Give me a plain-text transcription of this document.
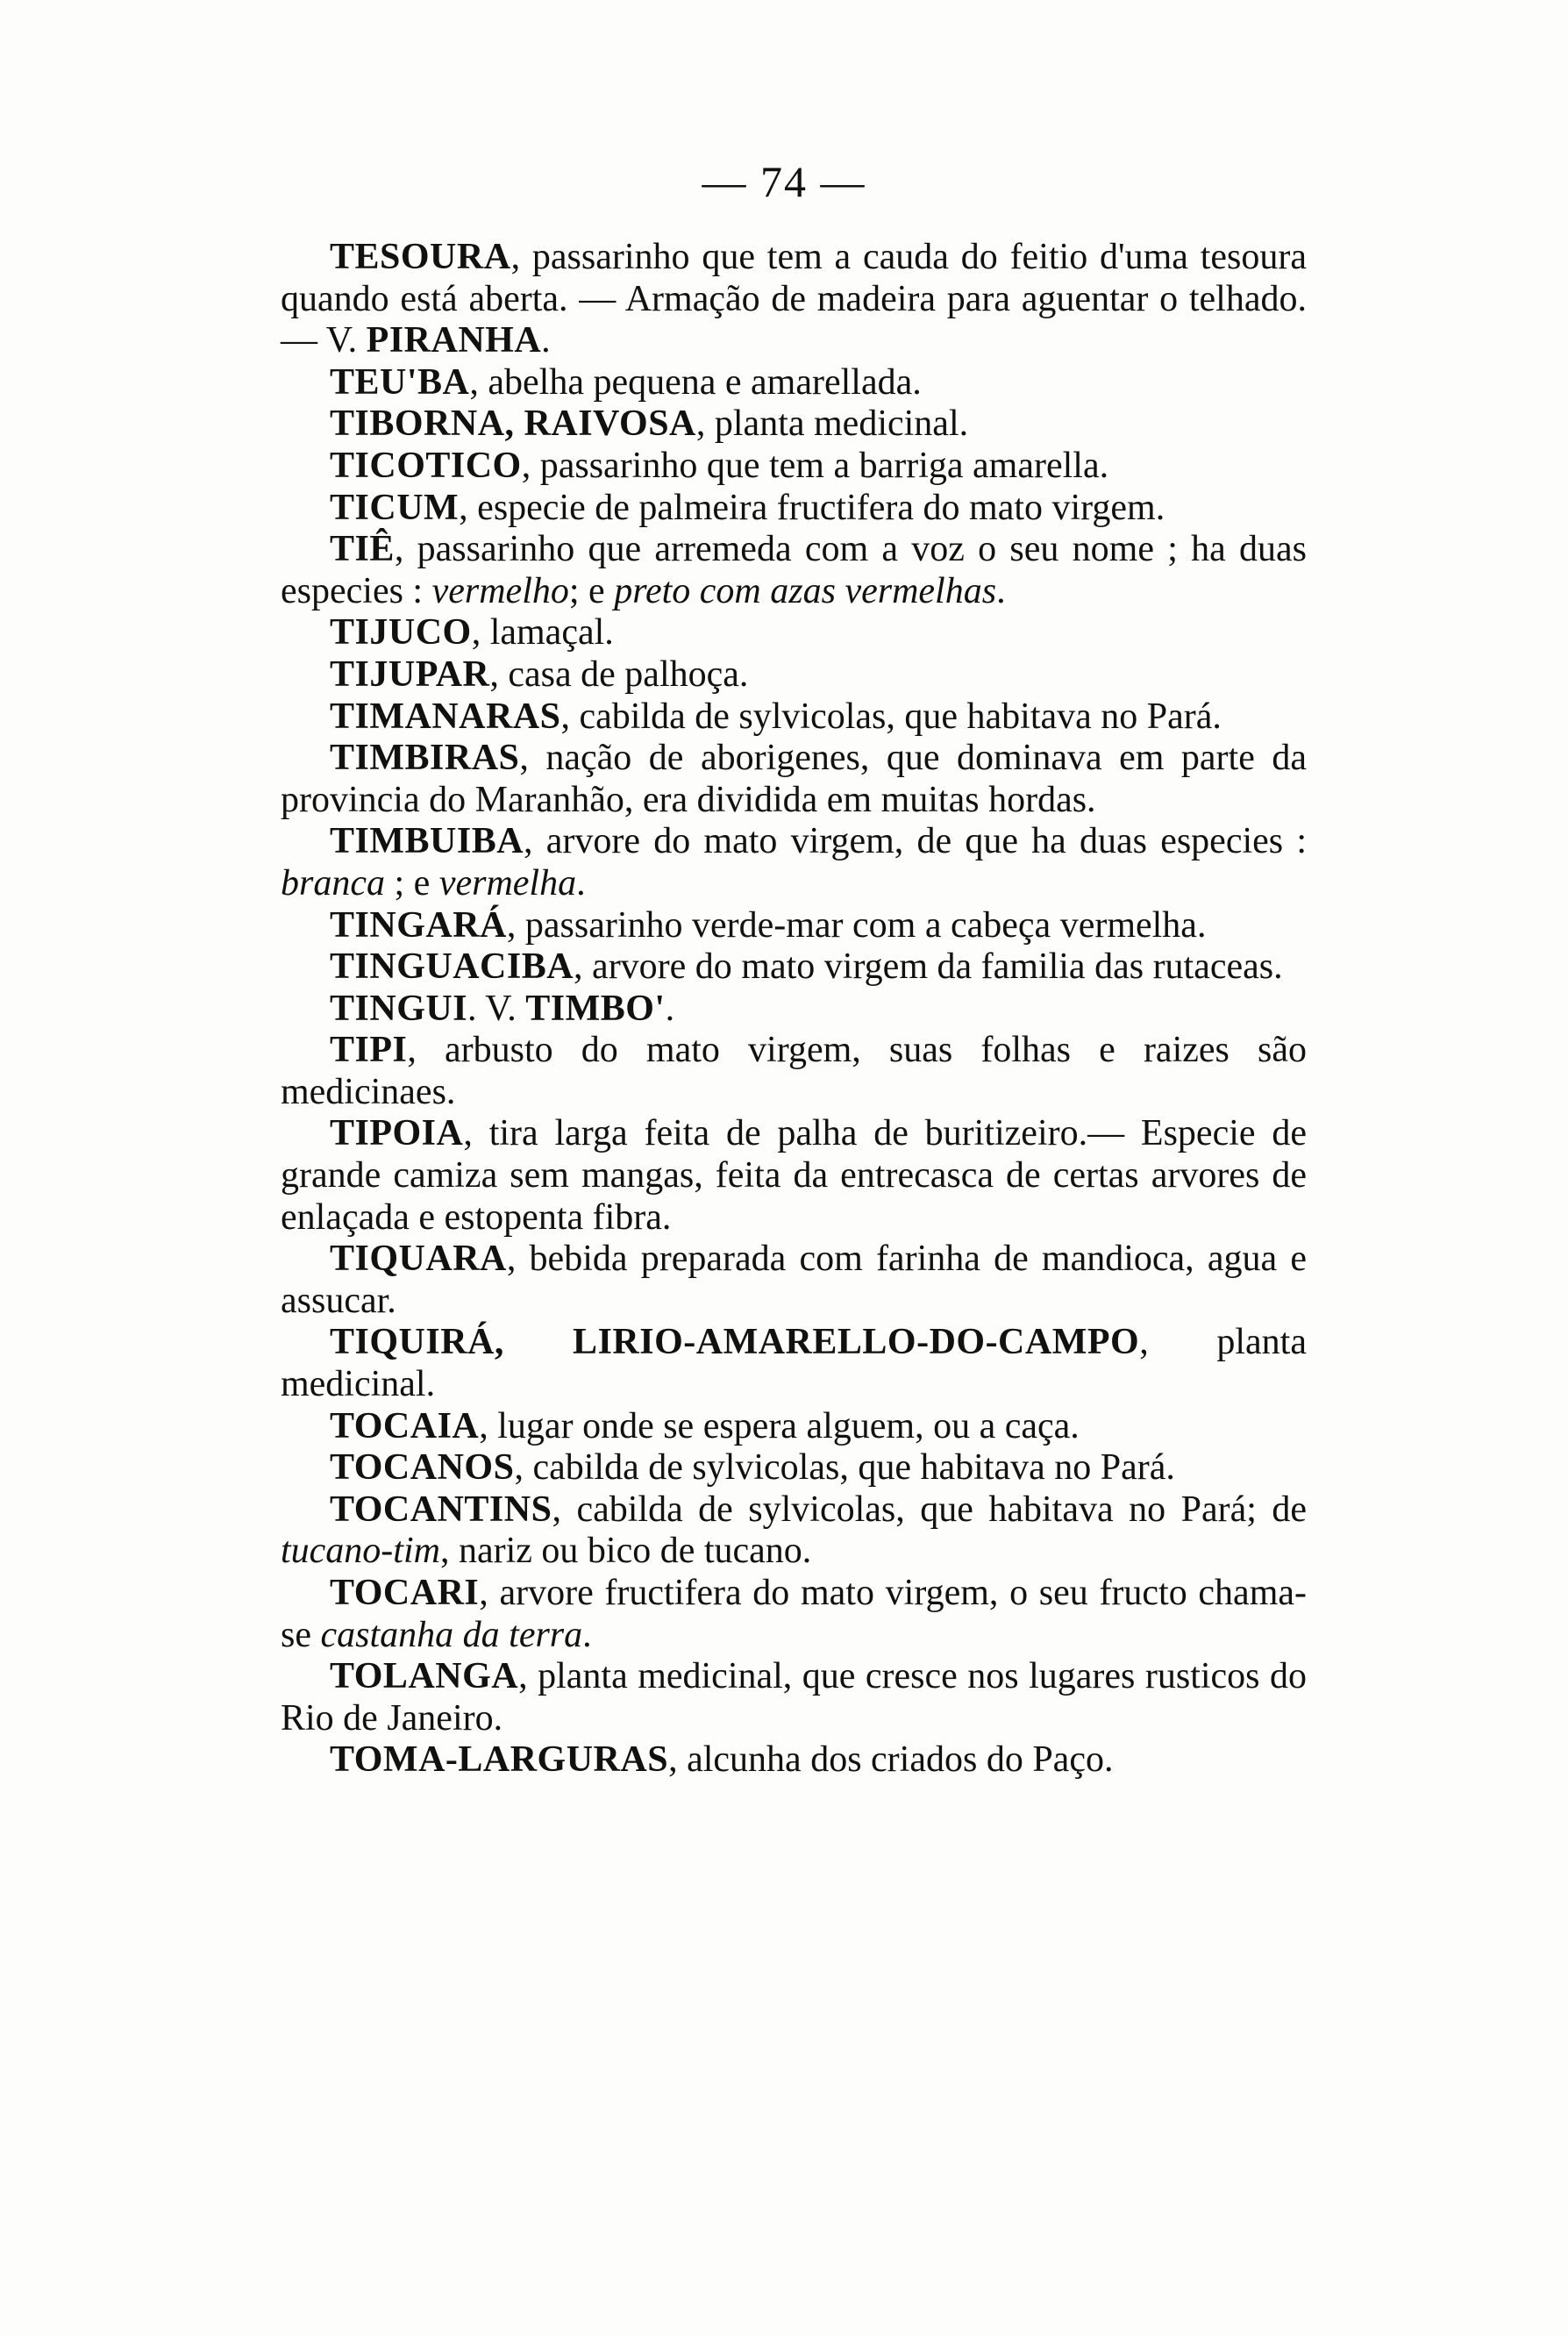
— 74 —

TESOURA, passarinho que tem a cauda do feitio d'uma tesoura quando está aberta. — Armação de madeira para aguentar o telhado.— V. PIRANHA.

TEU'BA, abelha pequena e amarellada.

TIBORNA, RAIVOSA, planta medicinal.

TICOTICO, passarinho que tem a barriga amarella.

TICUM, especie de palmeira fructifera do mato virgem.

TIÊ, passarinho que arremeda com a voz o seu nome ; ha duas especies : vermelho; e preto com azas vermelhas.

TIJUCO, lamaçal.

TIJUPAR, casa de palhoça.

TIMANARAS, cabilda de sylvicolas, que habitava no Pará.

TIMBIRAS, nação de aborigenes, que dominava em parte da provincia do Maranhão, era dividida em muitas hordas.

TIMBUIBA, arvore do mato virgem, de que ha duas especies : branca ; e vermelha.

TINGARÁ, passarinho verde-mar com a cabeça vermelha.

TINGUACIBA, arvore do mato virgem da familia das rutaceas.

TINGUI. V. TIMBO'.

TIPI, arbusto do mato virgem, suas folhas e raizes são medicinaes.

TIPOIA, tira larga feita de palha de buritizeiro.— Especie de grande camiza sem mangas, feita da entrecasca de certas arvores de enlaçada e estopenta fibra.

TIQUARA, bebida preparada com farinha de mandioca, agua e assucar.

TIQUIRÁ, LIRIO-AMARELLO-DO-CAMPO, planta medicinal.

TOCAIA, lugar onde se espera alguem, ou a caça.

TOCANOS, cabilda de sylvicolas, que habitava no Pará.

TOCANTINS, cabilda de sylvicolas, que habitava no Pará; de tucano-tim, nariz ou bico de tucano.

TOCARI, arvore fructifera do mato virgem, o seu fructo chama-se castanha da terra.

TOLANGA, planta medicinal, que cresce nos lugares rusticos do Rio de Janeiro.

TOMA-LARGURAS, alcunha dos criados do Paço.
